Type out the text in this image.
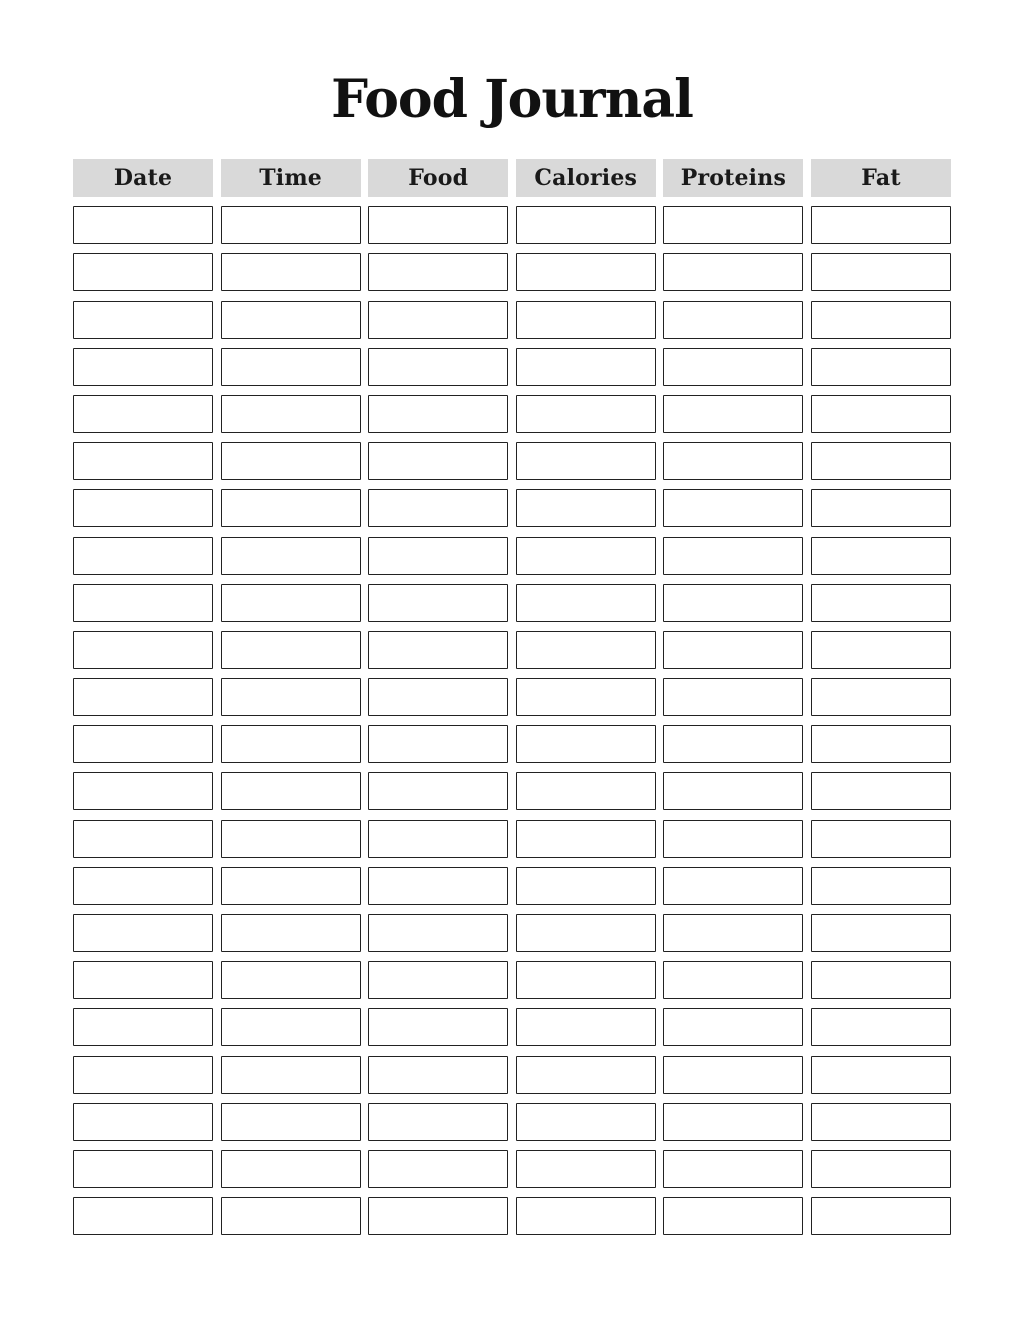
Food Journal
Date	Time	Food	Calories	Proteins	Fat
